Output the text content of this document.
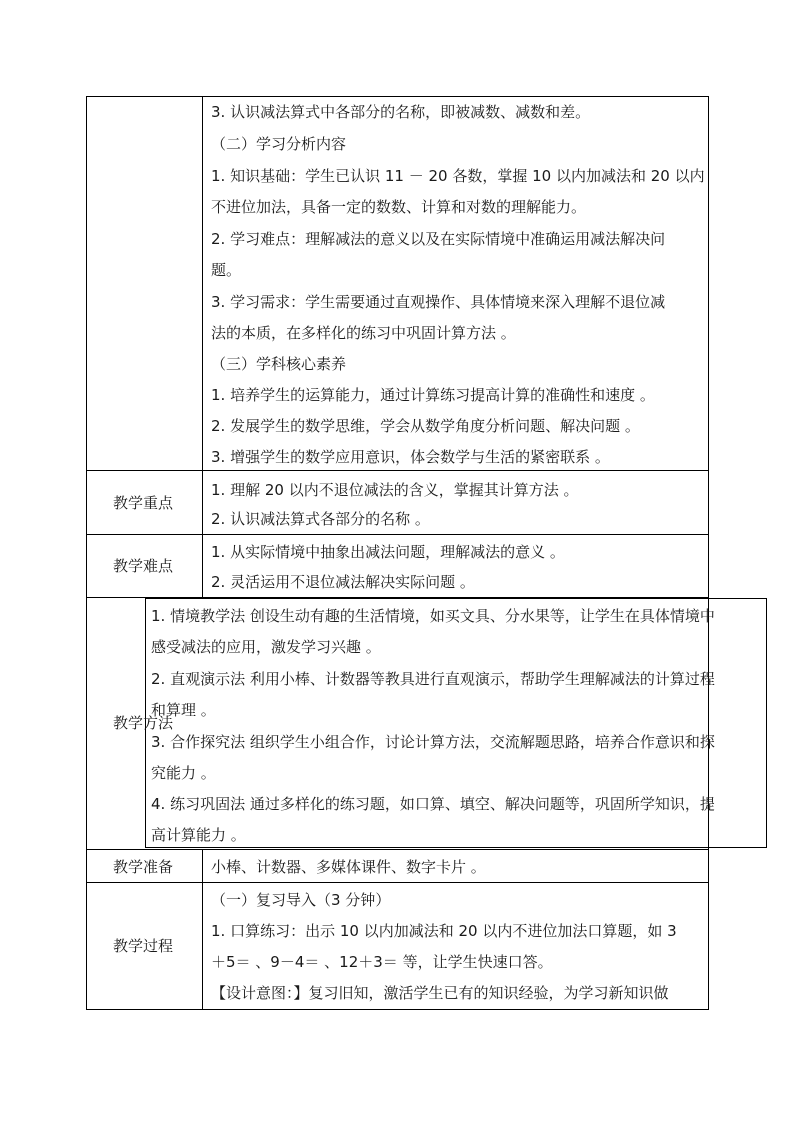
3. 认识减法算式中各部分的名称，即被减数、减数和差。
（二）学习分析内容
1. 知识基础：学生已认识 11 － 20 各数，掌握 10 以内加减法和 20 以内
不进位加法，具备一定的数数、计算和对数的理解能力。
2. 学习难点：理解减法的意义以及在实际情境中准确运用减法解决问
题。
3. 学习需求：学生需要通过直观操作、具体情境来深入理解不退位减
法的本质，在多样化的练习中巩固计算方法 。
（三）学科核心素养
1. 培养学生的运算能力，通过计算练习提高计算的准确性和速度 。
2. 发展学生的数学思维，学会从数学角度分析问题、解决问题 。
3. 增强学生的数学应用意识，体会数学与生活的紧密联系 。
教学重点
1. 理解 20 以内不退位减法的含义，掌握其计算方法 。
2. 认识减法算式各部分的名称 。
教学难点
1. 从实际情境中抽象出减法问题，理解减法的意义 。
2. 灵活运用不退位减法解决实际问题 。
教学方法
1. 情境教学法 创设生动有趣的生活情境，如买文具、分水果等，让学生在具体情境中
感受减法的应用，激发学习兴趣 。
2. 直观演示法 利用小棒、计数器等教具进行直观演示，帮助学生理解减法的计算过程
和算理 。
3. 合作探究法 组织学生小组合作，讨论计算方法，交流解题思路，培养合作意识和探
究能力 。
4. 练习巩固法 通过多样化的练习题，如口算、填空、解决问题等，巩固所学知识，提
高计算能力 。
教学准备	小棒、计数器、多媒体课件、数字卡片 。
教学过程
（一）复习导入（3 分钟）
1. 口算练习：出示 10 以内加减法和 20 以内不进位加法口算题，如 3
＋5＝ 、9－4＝ 、12＋3＝ 等，让学生快速口答。
【设计意图：】复习旧知，激活学生已有的知识经验，为学习新知识做
